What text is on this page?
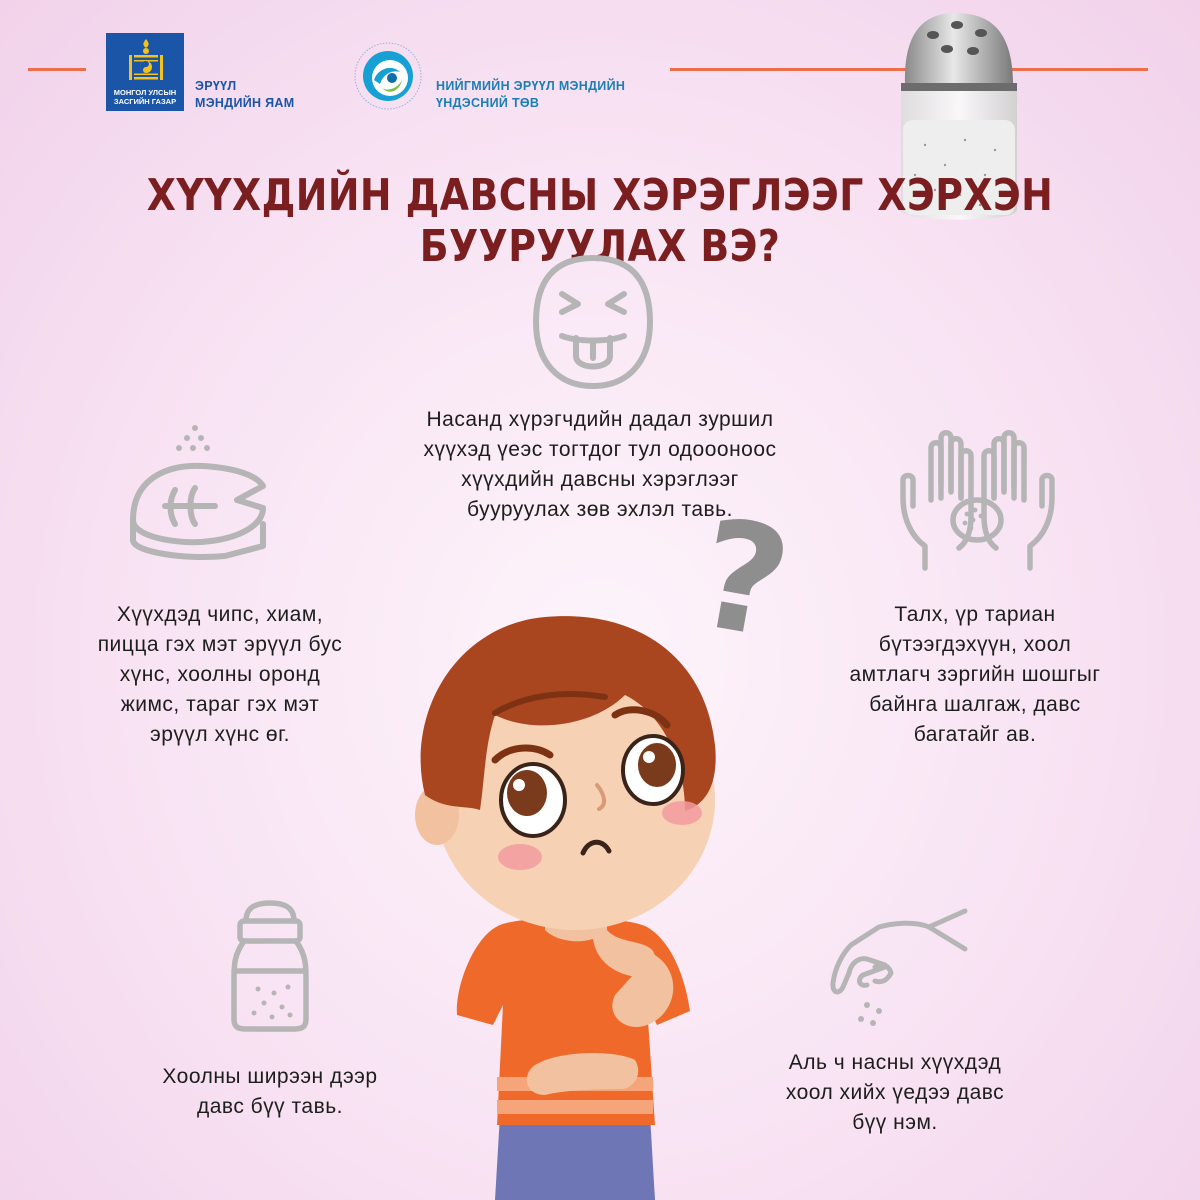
МОНГОЛ УЛСЫН
ЗАСГИЙН ГАЗАР
ЭРҮҮЛ
МЭНДИЙН ЯАМ
НИЙГМИЙН ЭРҮҮЛ МЭНДИЙН
ҮНДЭСНИЙ ТӨВ
ХҮҮХДИЙН ДАВСНЫ ХЭРЭГЛЭЭГ ХЭРХЭН БУУРУУЛАХ ВЭ?
Насанд хүрэгчдийн дадал зуршил
хүүхэд үеэс тогтдог тул одоооноос
хүүхдийн давсны хэрэглээг
бууруулах зөв эхлэл тавь.
Хүүхдэд чипс, хиам,
пицца гэх мэт эрүүл бус
хүнс, хоолны оронд
жимс, тараг гэх мэт
эрүүл хүнс өг.
Талх, үр тариан
бүтээгдэхүүн, хоол
амтлагч зэргийн шошгыг
байнга шалгаж, давс
багатайг ав.
Хоолны ширээн дээр
давс бүү тавь.
Аль ч насны хүүхдэд
хоол хийх үедээ давс
бүү нэм.
?
